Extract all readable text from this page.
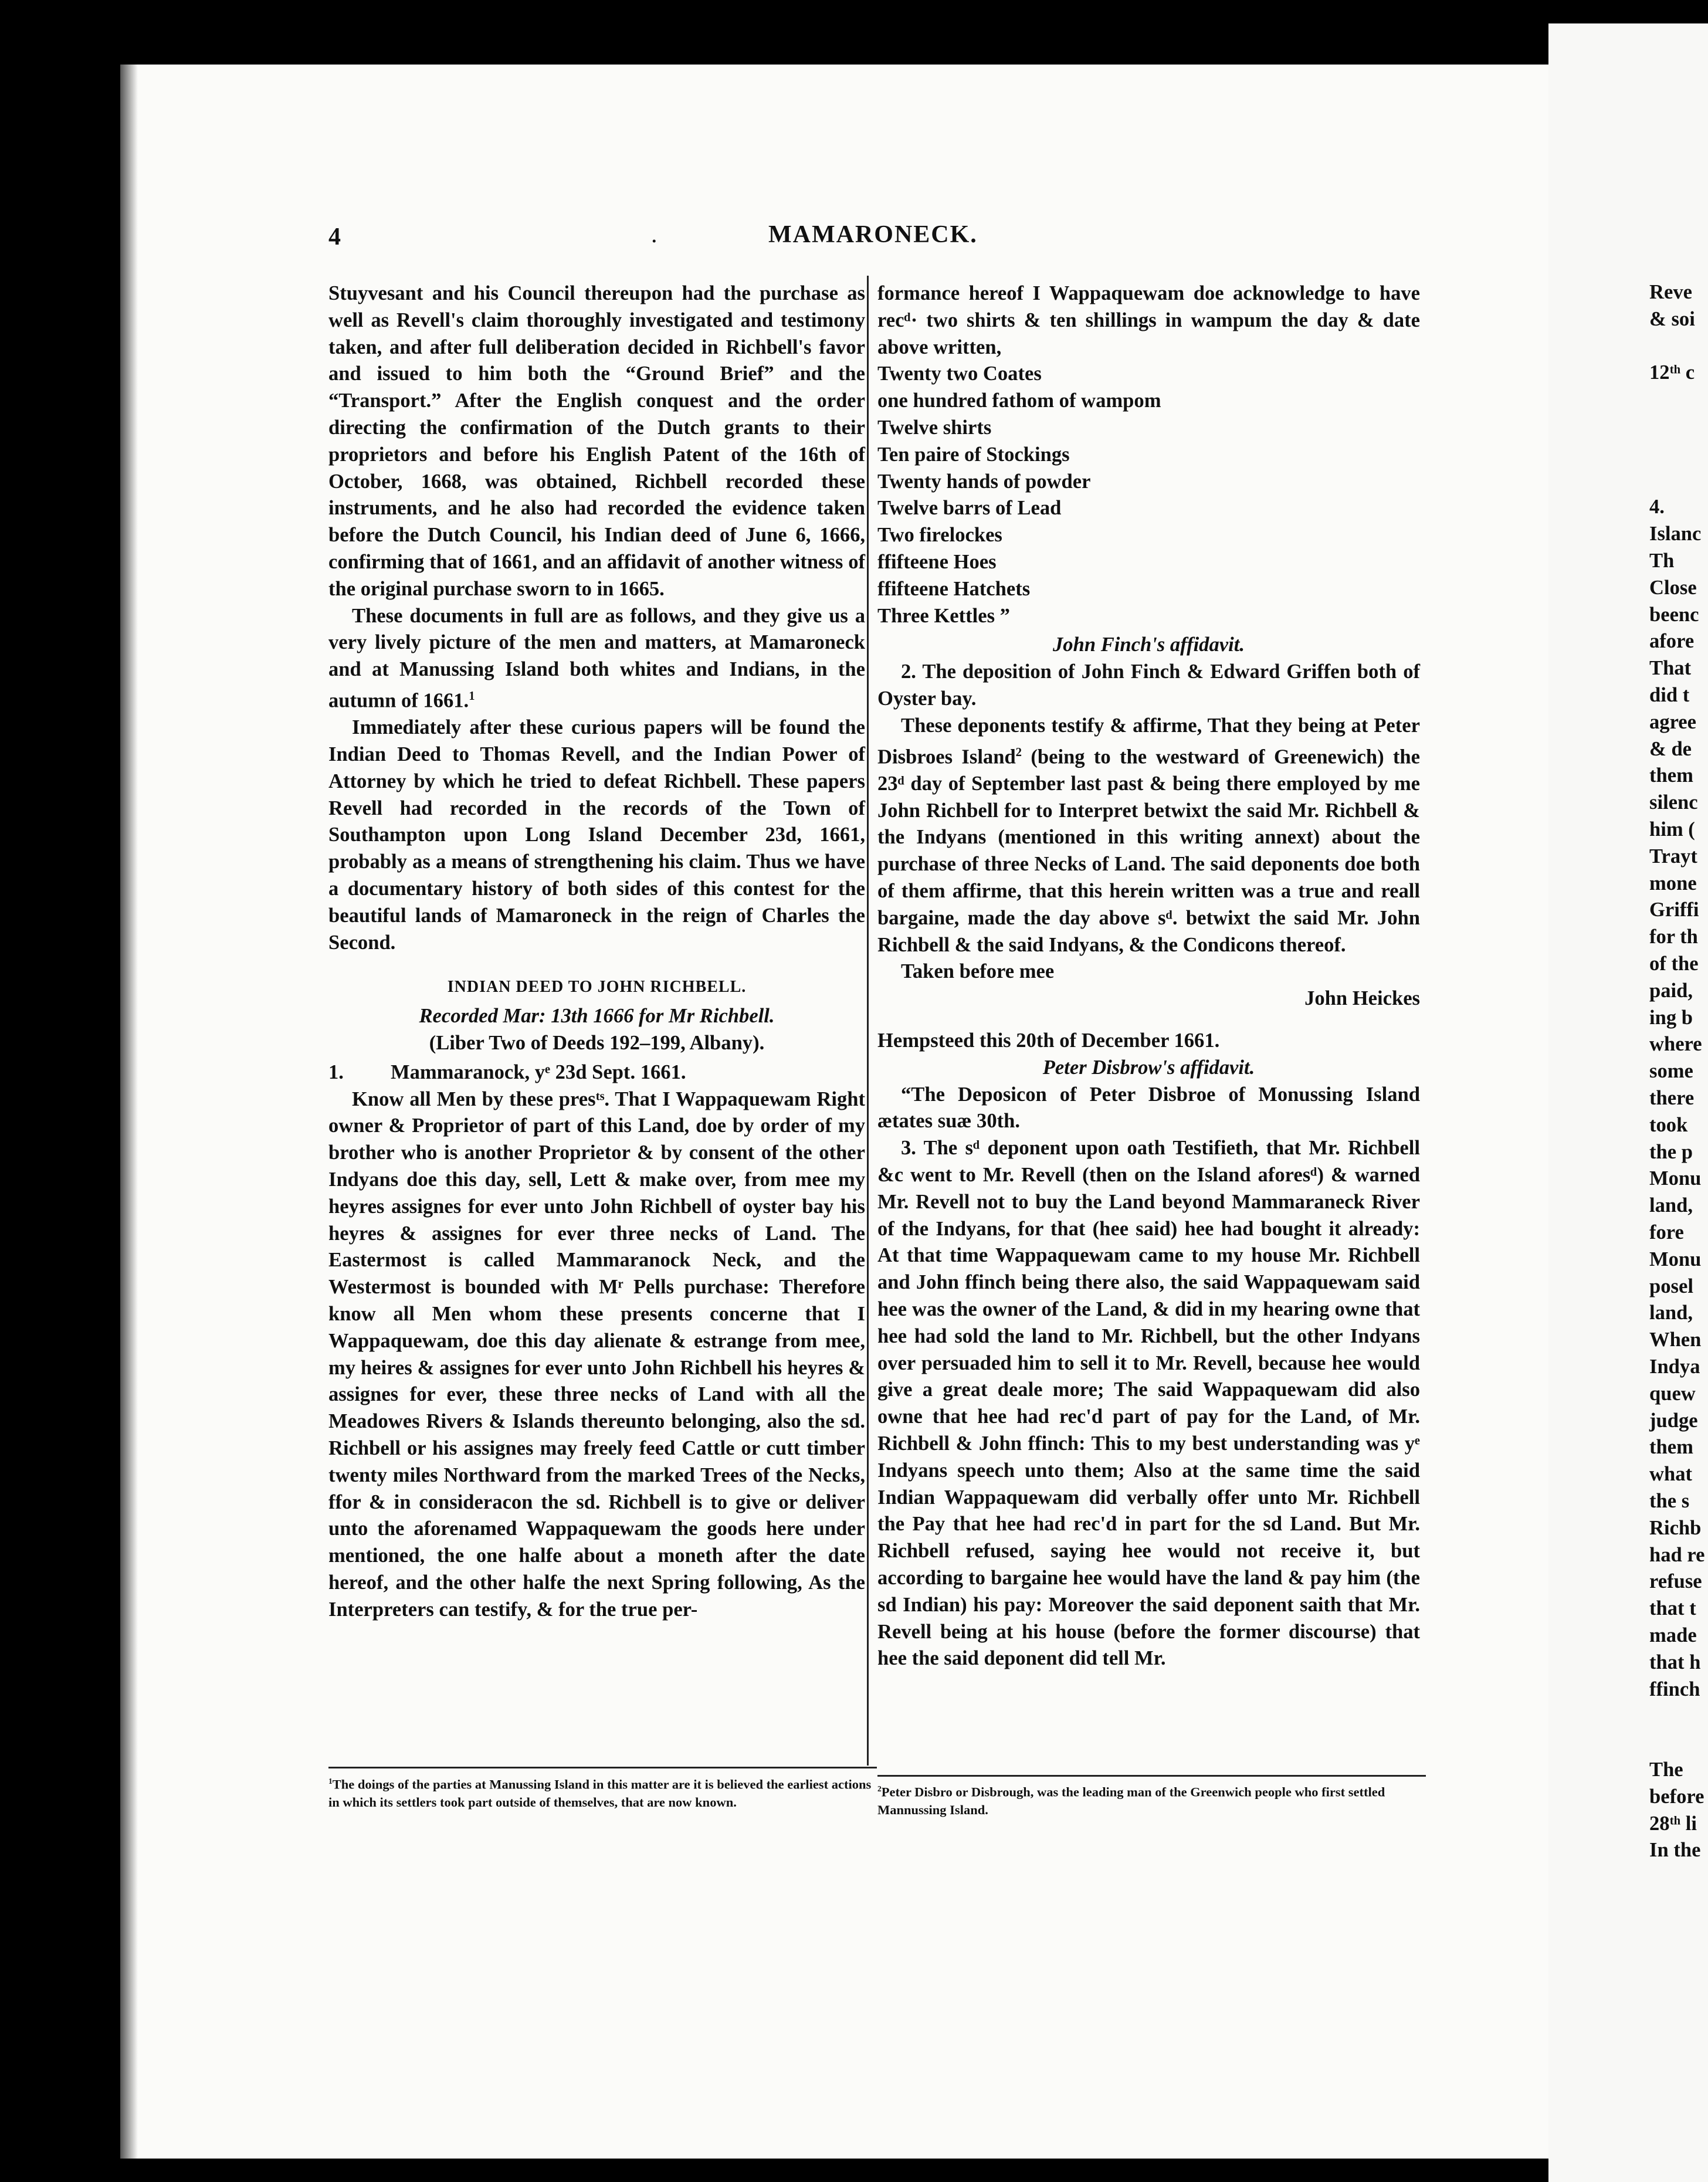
4	.	MAMARONECK.

Stuyvesant and his Council thereupon had the purchase as well as Revell's claim thoroughly investigated and testimony taken, and after full deliberation decided in Richbell's favor and issued to him both the “Ground Brief” and the “Transport.” After the English conquest and the order directing the confirmation of the Dutch grants to their proprietors and before his English Patent of the 16th of October, 1668, was obtained, Richbell recorded these instruments, and he also had recorded the evidence taken before the Dutch Council, his Indian deed of June 6, 1666, confirming that of 1661, and an affidavit of another witness of the original purchase sworn to in 1665.

These documents in full are as follows, and they give us a very lively picture of the men and matters, at Mamaroneck and at Manussing Island both whites and Indians, in the autumn of 1661.$^1$

Immediately after these curious papers will be found the Indian Deed to Thomas Revell, and the Indian Power of Attorney by which he tried to defeat Richbell. These papers Revell had recorded in the records of the Town of Southampton upon Long Island December 23d, 1661, probably as a means of strengthening his claim. Thus we have a documentary history of both sides of this contest for the beautiful lands of Mamaroneck in the reign of Charles the Second.

INDIAN DEED TO JOHN RICHBELL.

Recorded Mar: 13th 1666 for Mr Richbell.

(Liber Two of Deeds 192–199, Albany).

1. Mammaranock, yᵉ 23d Sept. 1661.

Know all Men by these presᵗˢ. That I Wappaquewam Right owner & Proprietor of part of this Land, doe by order of my brother who is another Proprietor & by consent of the other Indyans doe this day, sell, Lett & make over, from mee my heyres assignes for ever unto John Richbell of oyster bay his heyres & assignes for ever three necks of Land. The Eastermost is called Mammaranock Neck, and the Westermost is bounded with Mʳ Pells purchase: Therefore know all Men whom these presents concerne that I Wappaquewam, doe this day alienate & estrange from mee, my heires & assignes for ever unto John Richbell his heyres & assignes for ever, these three necks of Land with all the Meadowes Rivers & Islands thereunto belonging, also the sd. Richbell or his assignes may freely feed Cattle or cutt timber twenty miles Northward from the marked Trees of the Necks, ffor & in consideracon the sd. Richbell is to give or deliver unto the aforenamed Wappaquewam the goods here under mentioned, the one halfe about a moneth after the date hereof, and the other halfe the next Spring following, As the Interpreters can testify, & for the true per-

formance hereof I Wappaquewam doe acknowledge to have recᵈ· two shirts & ten shillings in wampum the day & date above written,

Twenty two Coates
one hundred fathom of wampom
Twelve shirts
Ten paire of Stockings
Twenty hands of powder
Twelve barrs of Lead
Two firelockes
ffifteene Hoes
ffifteene Hatchets
Three Kettles ”

John Finch's affidavit.

2. The deposition of John Finch & Edward Griffen both of Oyster bay.

These deponents testify & affirme, That they being at Peter Disbroes Island$^2$ (being to the westward of Greenewich) the 23ᵈ day of September last past & being there employed by me John Richbell for to Interpret betwixt the said Mr. Richbell & the Indyans (mentioned in this writing annext) about the purchase of three Necks of Land. The said deponents doe both of them affirme, that this herein written was a true and reall bargaine, made the day above sᵈ. betwixt the said Mr. John Richbell & the said Indyans, & the Condicons thereof.

Taken before mee

John Heickes

Hempsteed this 20th of December 1661.

Peter Disbrow's affidavit.

“The Deposicon of Peter Disbroe of Monussing Island ætates suæ 30th.

3. The sᵈ deponent upon oath Testifieth, that Mr. Richbell &c went to Mr. Revell (then on the Island aforesᵈ) & warned Mr. Revell not to buy the Land beyond Mammaraneck River of the Indyans, for that (hee said) hee had bought it already: At that time Wappaquewam came to my house Mr. Richbell and John ffinch being there also, the said Wappaquewam said hee was the owner of the Land, & did in my hearing owne that hee had sold the land to Mr. Richbell, but the other Indyans over persuaded him to sell it to Mr. Revell, because hee would give a great deale more; The said Wappaquewam did also owne that hee had rec'd part of pay for the Land, of Mr. Richbell & John ffinch: This to my best understanding was yᵉ Indyans speech unto them; Also at the same time the said Indian Wappaquewam did verbally offer unto Mr. Richbell the Pay that hee had rec'd in part for the sd Land. But Mr. Richbell refused, saying hee would not receive it, but according to bargaine hee would have the land & pay him (the sd Indian) his pay: Moreover the said deponent saith that Mr. Revell being at his house (before the former discourse) that hee the said deponent did tell Mr.

$^1$The doings of the parties at Manussing Island in this matter are it is believed the earliest actions in which its settlers took part outside of themselves, that are now known.
$^2$Peter Disbro or Disbrough, was the leading man of the Greenwich people who first settled Mannussing Island.
Reve
& soi
12ᵗʰ c
4.
Islanc
Th
Close
beenc
afore
That
did t
agree
& de
them
silenc
him (
Trayt
mone
Griffi
for th
of the
paid,
ing b
where
some
there
took
the p
Monu
land,
fore
Monu
posel
land,
When
Indya
quew
judge
them
what
the s
Richb
had re
refuse
that t
made
that h
ffinch
The
before
28ᵗʰ li
In the
